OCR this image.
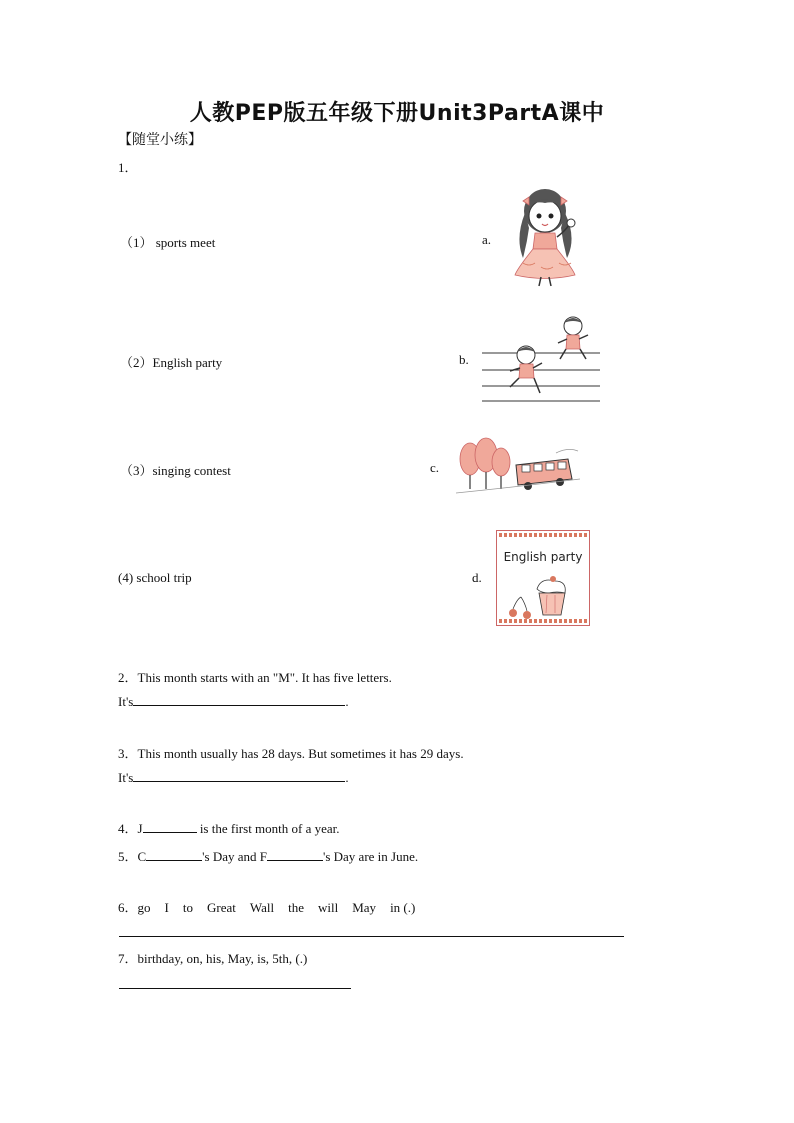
人教PEP版五年级下册Unit3PartA课中
【随堂小练】
1．
（1） sports meet	a.
（2）English party	b.
（3）singing contest	c.
(4) school trip	d.
English party
2．This month starts with an "M". It has five letters.
It's	.
3．This month usually has 28 days. But sometimes it has 29 days.
It's	.
4．J	is the first month of a year.
5．C	's Day and F	's Day are in June.
6．go I to Great Wall the will May in (.)
7．birthday, on, his, May, is, 5th, (.)
